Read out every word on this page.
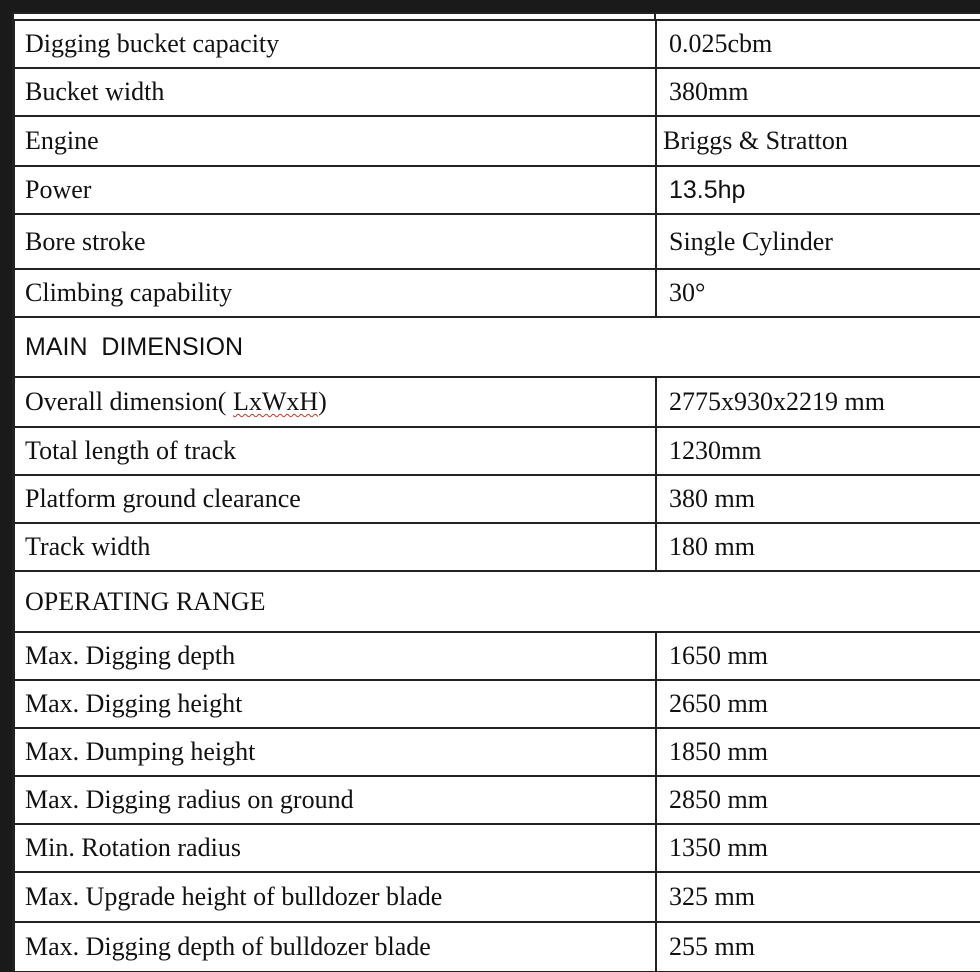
Digging bucket capacity	0.025cbm
Bucket width	380mm
Engine	Briggs & Stratton
Power	13.5hp
Bore stroke	Single Cylinder
Climbing capability	30°
MAIN  DIMENSION	
Overall dimension( LxWxH)	2775x930x2219 mm
Total length of track	1230mm
Platform ground clearance	380 mm
Track width	180 mm
OPERATING RANGE	
Max. Digging depth	1650 mm
Max. Digging height	2650 mm
Max. Dumping height	1850 mm
Max. Digging radius on ground	2850 mm
Min. Rotation radius	1350 mm
Max. Upgrade height of bulldozer blade	325 mm
Max. Digging depth of bulldozer blade	255 mm
